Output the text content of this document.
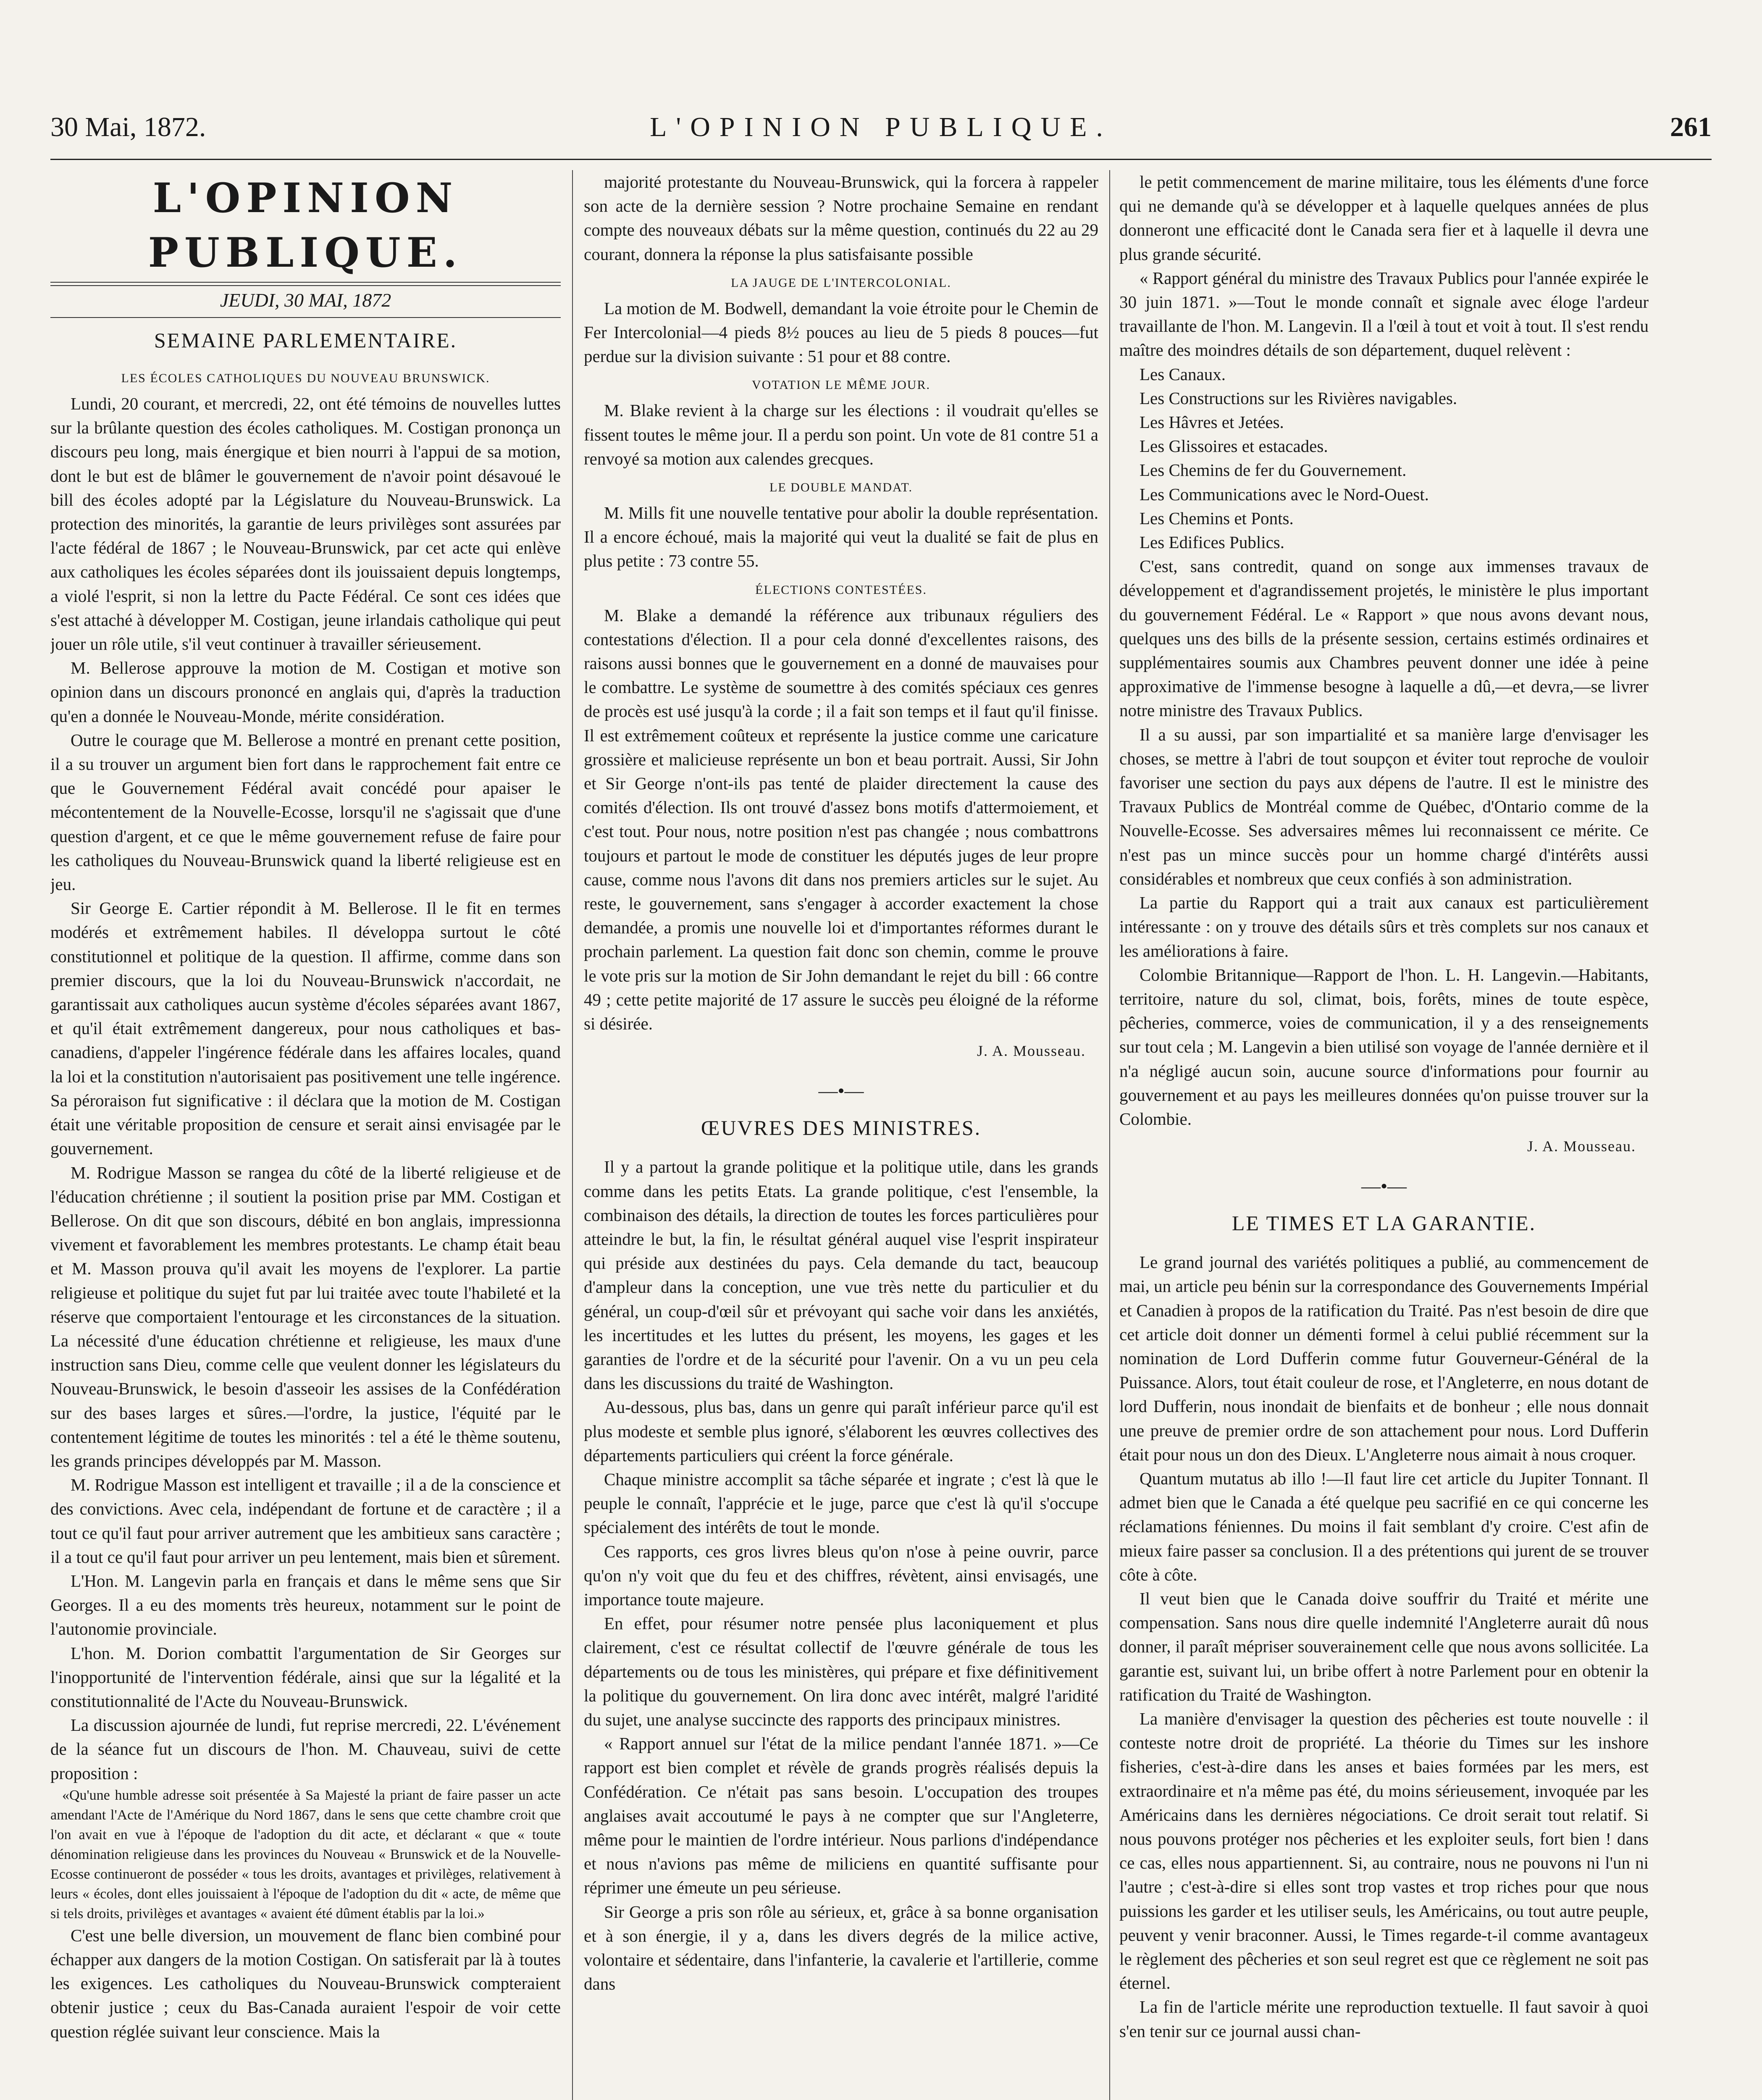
30 Mai, 1872.	L'OPINION PUBLIQUE.	261
L'OPINION PUBLIQUE.
JEUDI, 30 MAI, 1872
SEMAINE PARLEMENTAIRE.
LES ÉCOLES CATHOLIQUES DU NOUVEAU BRUNSWICK.

Lundi, 20 courant, et mercredi, 22, ont été témoins de nouvelles luttes sur la brûlante question des écoles catholiques. M. Costigan prononça un discours peu long, mais énergique et bien nourri à l'appui de sa motion, dont le but est de blâmer le gouvernement de n'avoir point désavoué le bill des écoles adopté par la Législature du Nouveau-Brunswick. La protection des minorités, la garantie de leurs privilèges sont assurées par l'acte fédéral de 1867 ; le Nouveau-Brunswick, par cet acte qui enlève aux catholiques les écoles séparées dont ils jouissaient depuis longtemps, a violé l'esprit, si non la lettre du Pacte Fédéral. Ce sont ces idées que s'est attaché à développer M. Costigan, jeune irlandais catholique qui peut jouer un rôle utile, s'il veut continuer à travailler sérieusement.

M. Bellerose approuve la motion de M. Costigan et motive son opinion dans un discours prononcé en anglais qui, d'après la traduction qu'en a donnée le Nouveau-Monde, mérite considération.

Outre le courage que M. Bellerose a montré en prenant cette position, il a su trouver un argument bien fort dans le rapprochement fait entre ce que le Gouvernement Fédéral avait concédé pour apaiser le mécontentement de la Nouvelle-Ecosse, lorsqu'il ne s'agissait que d'une question d'argent, et ce que le même gouvernement refuse de faire pour les catholiques du Nouveau-Brunswick quand la liberté religieuse est en jeu.

Sir George E. Cartier répondit à M. Bellerose. Il le fit en termes modérés et extrêmement habiles. Il développa surtout le côté constitutionnel et politique de la question. Il affirme, comme dans son premier discours, que la loi du Nouveau-Brunswick n'accordait, ne garantissait aux catholiques aucun système d'écoles séparées avant 1867, et qu'il était extrêmement dangereux, pour nous catholiques et bas-canadiens, d'appeler l'ingérence fédérale dans les affaires locales, quand la loi et la constitution n'autorisaient pas positivement une telle ingérence. Sa péroraison fut significative : il déclara que la motion de M. Costigan était une véritable proposition de censure et serait ainsi envisagée par le gouvernement.

M. Rodrigue Masson se rangea du côté de la liberté religieuse et de l'éducation chrétienne ; il soutient la position prise par MM. Costigan et Bellerose. On dit que son discours, débité en bon anglais, impressionna vivement et favorablement les membres protestants. Le champ était beau et M. Masson prouva qu'il avait les moyens de l'explorer. La partie religieuse et politique du sujet fut par lui traitée avec toute l'habileté et la réserve que comportaient l'entourage et les circonstances de la situation. La nécessité d'une éducation chrétienne et religieuse, les maux d'une instruction sans Dieu, comme celle que veulent donner les législateurs du Nouveau-Brunswick, le besoin d'asseoir les assises de la Confédération sur des bases larges et sûres.—l'ordre, la justice, l'équité par le contentement légitime de toutes les minorités : tel a été le thème soutenu, les grands principes développés par M. Masson.

M. Rodrigue Masson est intelligent et travaille ; il a de la conscience et des convictions. Avec cela, indépendant de fortune et de caractère ; il a tout ce qu'il faut pour arriver autrement que les ambitieux sans caractère ; il a tout ce qu'il faut pour arriver un peu lentement, mais bien et sûrement.

L'Hon. M. Langevin parla en français et dans le même sens que Sir Georges. Il a eu des moments très heureux, notamment sur le point de l'autonomie provinciale.

L'hon. M. Dorion combattit l'argumentation de Sir Georges sur l'inopportunité de l'intervention fédérale, ainsi que sur la légalité et la constitutionnalité de l'Acte du Nouveau-Brunswick.

La discussion ajournée de lundi, fut reprise mercredi, 22. L'événement de la séance fut un discours de l'hon. M. Chauveau, suivi de cette proposition :

«Qu'une humble adresse soit présentée à Sa Majesté la priant de faire passer un acte amendant l'Acte de l'Amérique du Nord 1867, dans le sens que cette chambre croit que l'on avait en vue à l'époque de l'adoption du dit acte, et déclarant « que « toute dénomination religieuse dans les provinces du Nouveau « Brunswick et de la Nouvelle-Ecosse continueront de posséder « tous les droits, avantages et privilèges, relativement à leurs « écoles, dont elles jouissaient à l'époque de l'adoption du dit « acte, de même que si tels droits, privilèges et avantages « avaient été dûment établis par la loi.»

C'est une belle diversion, un mouvement de flanc bien combiné pour échapper aux dangers de la motion Costigan. On satisferait par là à toutes les exigences. Les catholiques du Nouveau-Brunswick compteraient obtenir justice ; ceux du Bas-Canada auraient l'espoir de voir cette question réglée suivant leur conscience. Mais la

majorité protestante du Nouveau-Brunswick, qui la forcera à rappeler son acte de la dernière session ? Notre prochaine Semaine en rendant compte des nouveaux débats sur la même question, continués du 22 au 29 courant, donnera la réponse la plus satisfaisante possible

LA JAUGE DE L'INTERCOLONIAL.

La motion de M. Bodwell, demandant la voie étroite pour le Chemin de Fer Intercolonial—4 pieds 8½ pouces au lieu de 5 pieds 8 pouces—fut perdue sur la division suivante : 51 pour et 88 contre.

VOTATION LE MÊME JOUR.

M. Blake revient à la charge sur les élections : il voudrait qu'elles se fissent toutes le même jour. Il a perdu son point. Un vote de 81 contre 51 a renvoyé sa motion aux calendes grecques.

LE DOUBLE MANDAT.

M. Mills fit une nouvelle tentative pour abolir la double représentation. Il a encore échoué, mais la majorité qui veut la dualité se fait de plus en plus petite : 73 contre 55.

ÉLECTIONS CONTESTÉES.

M. Blake a demandé la référence aux tribunaux réguliers des contestations d'élection. Il a pour cela donné d'excellentes raisons, des raisons aussi bonnes que le gouvernement en a donné de mauvaises pour le combattre. Le système de soumettre à des comités spéciaux ces genres de procès est usé jusqu'à la corde ; il a fait son temps et il faut qu'il finisse. Il est extrêmement coûteux et représente la justice comme une caricature grossière et malicieuse représente un bon et beau portrait. Aussi, Sir John et Sir George n'ont-ils pas tenté de plaider directement la cause des comités d'élection. Ils ont trouvé d'assez bons motifs d'attermoiement, et c'est tout. Pour nous, notre position n'est pas changée ; nous combattrons toujours et partout le mode de constituer les députés juges de leur propre cause, comme nous l'avons dit dans nos premiers articles sur le sujet. Au reste, le gouvernement, sans s'engager à accorder exactement la chose demandée, a promis une nouvelle loi et d'importantes réformes durant le prochain parlement. La question fait donc son chemin, comme le prouve le vote pris sur la motion de Sir John demandant le rejet du bill : 66 contre 49 ; cette petite majorité de 17 assure le succès peu éloigné de la réforme si désirée.

J. A. Mousseau.
—•—
ŒUVRES DES MINISTRES.

Il y a partout la grande politique et la politique utile, dans les grands comme dans les petits Etats. La grande politique, c'est l'ensemble, la combinaison des détails, la direction de toutes les forces particulières pour atteindre le but, la fin, le résultat général auquel vise l'esprit inspirateur qui préside aux destinées du pays. Cela demande du tact, beaucoup d'ampleur dans la conception, une vue très nette du particulier et du général, un coup-d'œil sûr et prévoyant qui sache voir dans les anxiétés, les incertitudes et les luttes du présent, les moyens, les gages et les garanties de l'ordre et de la sécurité pour l'avenir. On a vu un peu cela dans les discussions du traité de Washington.

Au-dessous, plus bas, dans un genre qui paraît inférieur parce qu'il est plus modeste et semble plus ignoré, s'élaborent les œuvres collectives des départements particuliers qui créent la force générale.

Chaque ministre accomplit sa tâche séparée et ingrate ; c'est là que le peuple le connaît, l'apprécie et le juge, parce que c'est là qu'il s'occupe spécialement des intérêts de tout le monde.

Ces rapports, ces gros livres bleus qu'on n'ose à peine ouvrir, parce qu'on n'y voit que du feu et des chiffres, révètent, ainsi envisagés, une importance toute majeure.

En effet, pour résumer notre pensée plus laconiquement et plus clairement, c'est ce résultat collectif de l'œuvre générale de tous les départements ou de tous les ministères, qui prépare et fixe définitivement la politique du gouvernement. On lira donc avec intérêt, malgré l'aridité du sujet, une analyse succincte des rapports des principaux ministres.

« Rapport annuel sur l'état de la milice pendant l'année 1871. »—Ce rapport est bien complet et révèle de grands progrès réalisés depuis la Confédération. Ce n'était pas sans besoin. L'occupation des troupes anglaises avait accoutumé le pays à ne compter que sur l'Angleterre, même pour le maintien de l'ordre intérieur. Nous parlions d'indépendance et nous n'avions pas même de miliciens en quantité suffisante pour réprimer une émeute un peu sérieuse.

Sir George a pris son rôle au sérieux, et, grâce à sa bonne organisation et à son énergie, il y a, dans les divers degrés de la milice active, volontaire et sédentaire, dans l'infanterie, la cavalerie et l'artillerie, comme dans

le petit commencement de marine militaire, tous les éléments d'une force qui ne demande qu'à se développer et à laquelle quelques années de plus donneront une efficacité dont le Canada sera fier et à laquelle il devra une plus grande sécurité.

« Rapport général du ministre des Travaux Publics pour l'année expirée le 30 juin 1871. »—Tout le monde connaît et signale avec éloge l'ardeur travaillante de l'hon. M. Langevin. Il a l'œil à tout et voit à tout. Il s'est rendu maître des moindres détails de son département, duquel relèvent :

Les Canaux.
Les Constructions sur les Rivières navigables.
Les Hâvres et Jetées.
Les Glissoires et estacades.
Les Chemins de fer du Gouvernement.
Les Communications avec le Nord-Ouest.
Les Chemins et Ponts.
Les Edifices Publics.

C'est, sans contredit, quand on songe aux immenses travaux de développement et d'agrandissement projetés, le ministère le plus important du gouvernement Fédéral. Le « Rapport » que nous avons devant nous, quelques uns des bills de la présente session, certains estimés ordinaires et supplémentaires soumis aux Chambres peuvent donner une idée à peine approximative de l'immense besogne à laquelle a dû,—et devra,—se livrer notre ministre des Travaux Publics.

Il a su aussi, par son impartialité et sa manière large d'envisager les choses, se mettre à l'abri de tout soupçon et éviter tout reproche de vouloir favoriser une section du pays aux dépens de l'autre. Il est le ministre des Travaux Publics de Montréal comme de Québec, d'Ontario comme de la Nouvelle-Ecosse. Ses adversaires mêmes lui reconnaissent ce mérite. Ce n'est pas un mince succès pour un homme chargé d'intérêts aussi considérables et nombreux que ceux confiés à son administration.

La partie du Rapport qui a trait aux canaux est particulièrement intéressante : on y trouve des détails sûrs et très complets sur nos canaux et les améliorations à faire.

Colombie Britannique—Rapport de l'hon. L. H. Langevin.—Habitants, territoire, nature du sol, climat, bois, forêts, mines de toute espèce, pêcheries, commerce, voies de communication, il y a des renseignements sur tout cela ; M. Langevin a bien utilisé son voyage de l'année dernière et il n'a négligé aucun soin, aucune source d'informations pour fournir au gouvernement et au pays les meilleures données qu'on puisse trouver sur la Colombie.

J. A. Mousseau.
—•—
LE TIMES ET LA GARANTIE.

Le grand journal des variétés politiques a publié, au commencement de mai, un article peu bénin sur la correspondance des Gouvernements Impérial et Canadien à propos de la ratification du Traité. Pas n'est besoin de dire que cet article doit donner un démenti formel à celui publié récemment sur la nomination de Lord Dufferin comme futur Gouverneur-Général de la Puissance. Alors, tout était couleur de rose, et l'Angleterre, en nous dotant de lord Dufferin, nous inondait de bienfaits et de bonheur ; elle nous donnait une preuve de premier ordre de son attachement pour nous. Lord Dufferin était pour nous un don des Dieux. L'Angleterre nous aimait à nous croquer.

Quantum mutatus ab illo !—Il faut lire cet article du Jupiter Tonnant. Il admet bien que le Canada a été quelque peu sacrifié en ce qui concerne les réclamations féniennes. Du moins il fait semblant d'y croire. C'est afin de mieux faire passer sa conclusion. Il a des prétentions qui jurent de se trouver côte à côte.

Il veut bien que le Canada doive souffrir du Traité et mérite une compensation. Sans nous dire quelle indemnité l'Angleterre aurait dû nous donner, il paraît mépriser souverainement celle que nous avons sollicitée. La garantie est, suivant lui, un bribe offert à notre Parlement pour en obtenir la ratification du Traité de Washington.

La manière d'envisager la question des pêcheries est toute nouvelle : il conteste notre droit de propriété. La théorie du Times sur les inshore fisheries, c'est-à-dire dans les anses et baies formées par les mers, est extraordinaire et n'a même pas été, du moins sérieusement, invoquée par les Américains dans les dernières négociations. Ce droit serait tout relatif. Si nous pouvons protéger nos pêcheries et les exploiter seuls, fort bien ! dans ce cas, elles nous appartiennent. Si, au contraire, nous ne pouvons ni l'un ni l'autre ; c'est-à-dire si elles sont trop vastes et trop riches pour que nous puissions les garder et les utiliser seuls, les Américains, ou tout autre peuple, peuvent y venir braconner. Aussi, le Times regarde-t-il comme avantageux le règlement des pêcheries et son seul regret est que ce règlement ne soit pas éternel.

La fin de l'article mérite une reproduction textuelle. Il faut savoir à quoi s'en tenir sur ce journal aussi chan-
